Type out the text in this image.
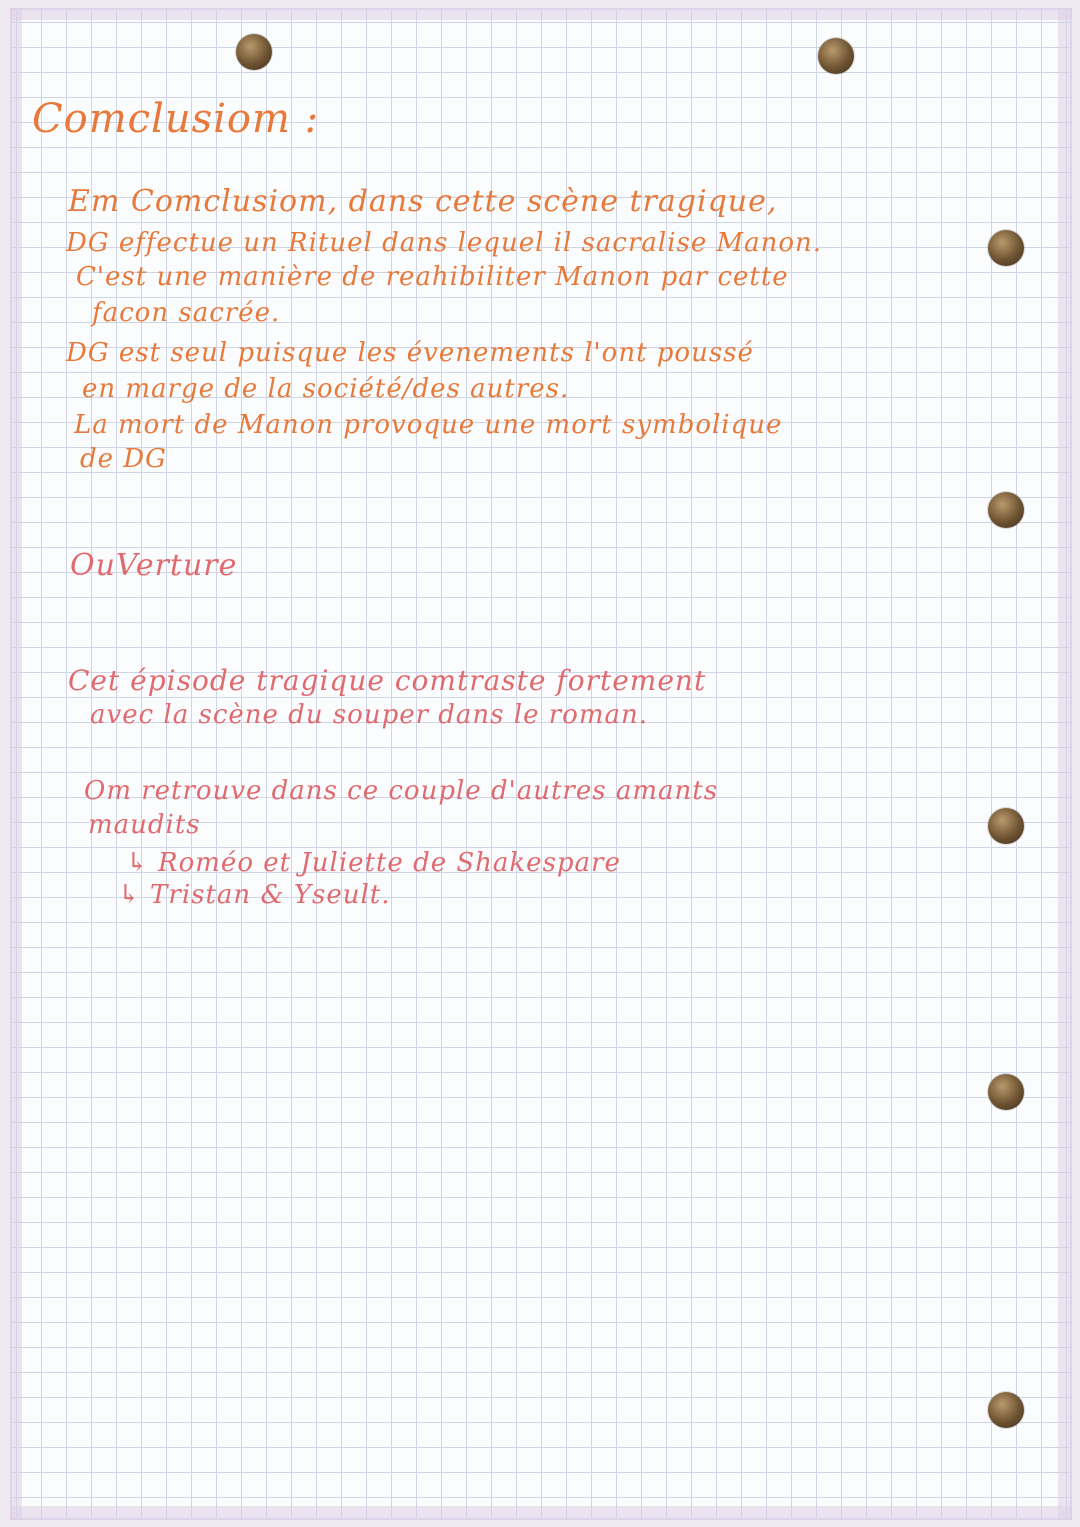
Comclusiom :
Em Comclusiom, dans cette scène tragique,
DG effectue un Rituel dans lequel il sacralise Manon.
C'est une manière de reahibiliter Manon par cette
facon sacrée.
DG est seul puisque les évenements l'ont poussé
en marge de la société/des autres.
La mort de Manon provoque une mort symbolique
de DG
OuVerture
Cet épisode tragique comtraste fortement
avec la scène du souper dans le roman.
Om retrouve dans ce couple d'autres amants
maudits
↳ Roméo et Juliette de Shakespare
↳ Tristan & Yseult.
